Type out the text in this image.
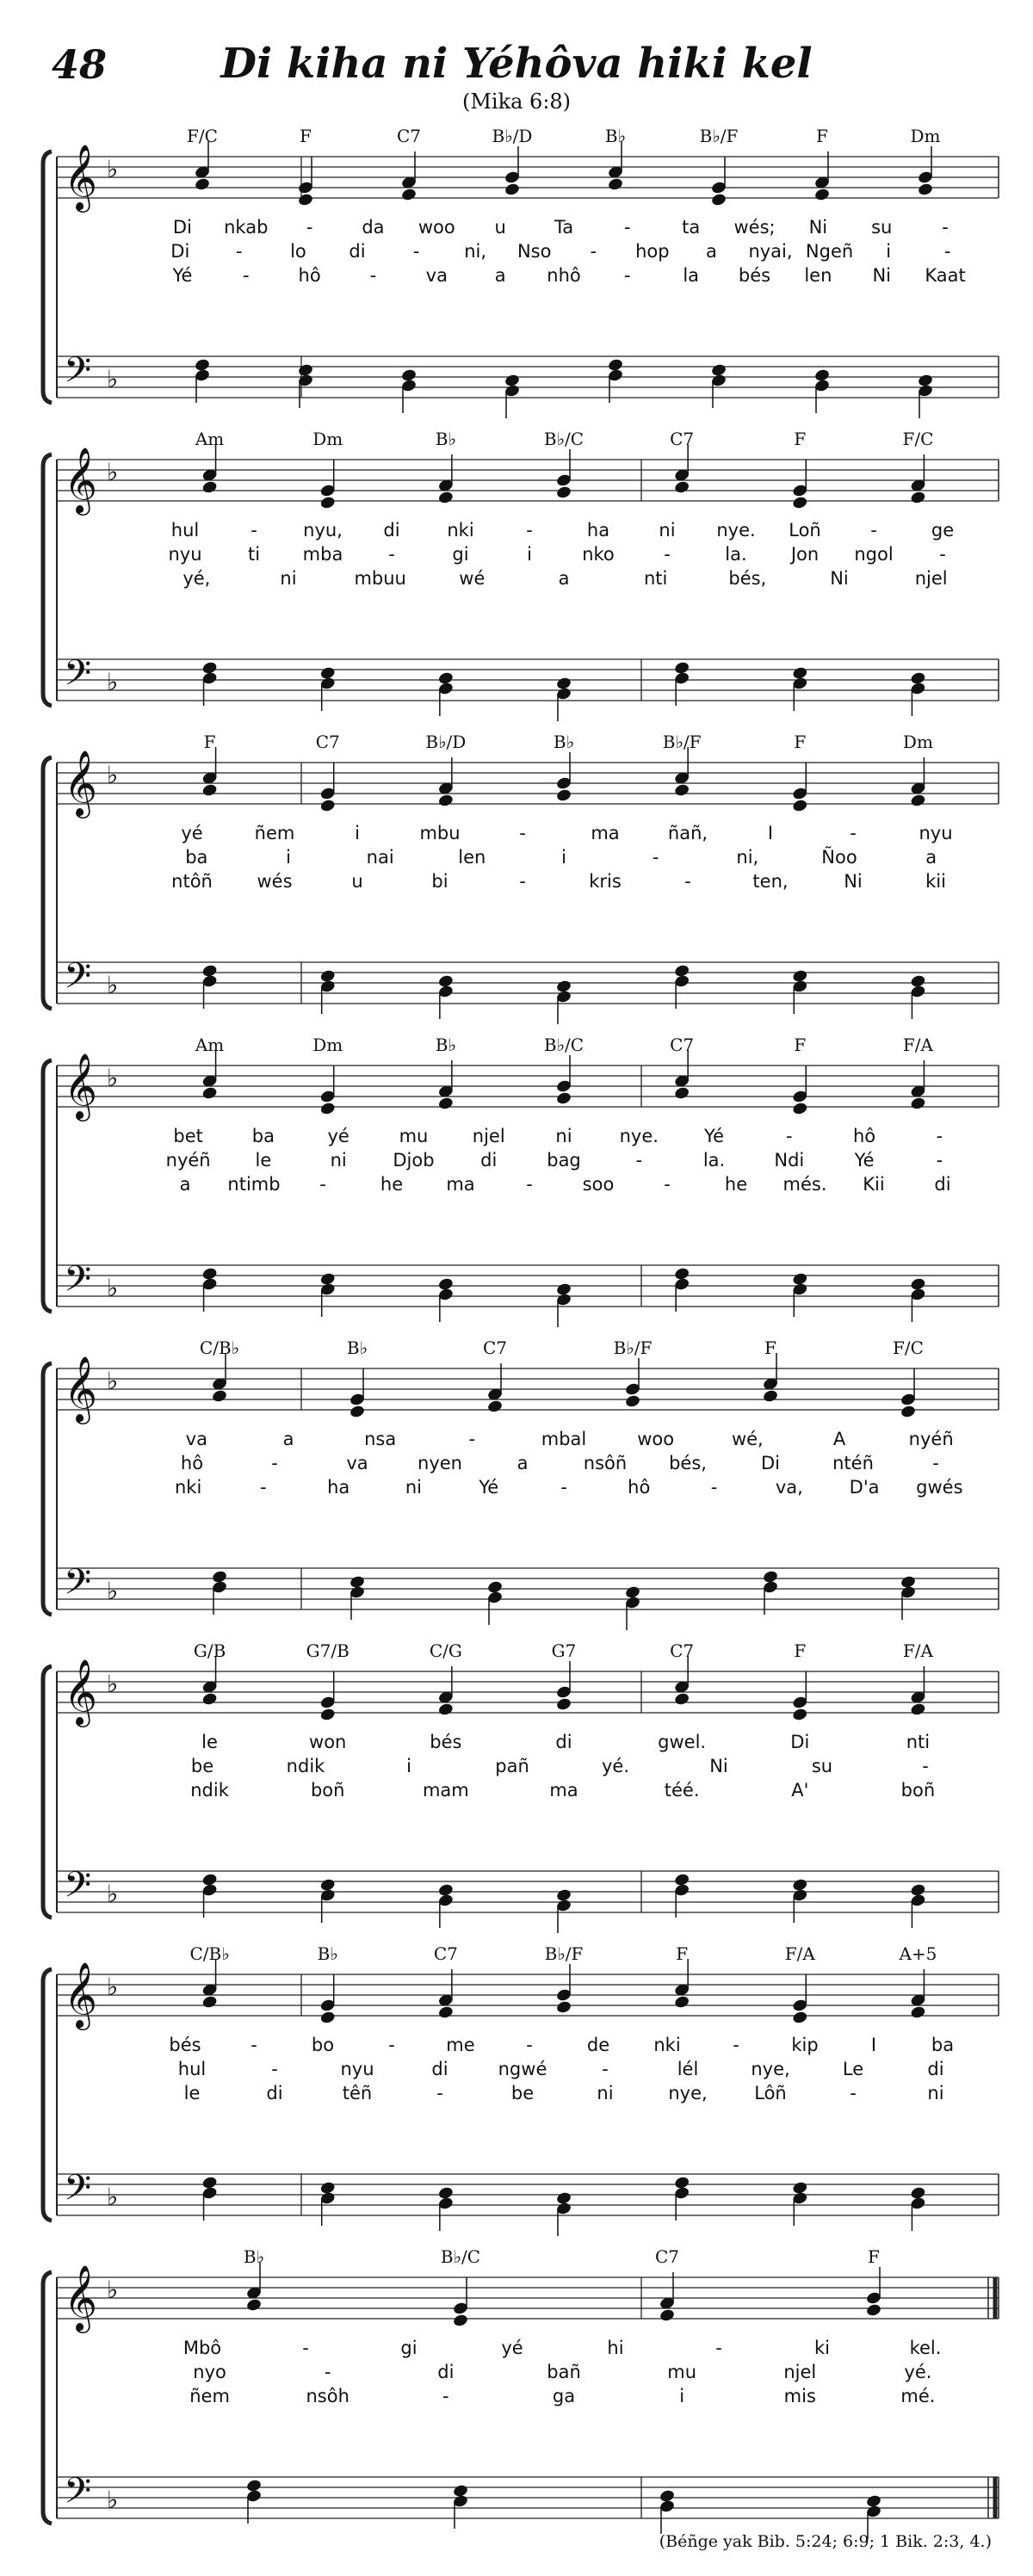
48	Di kiha ni Yéhôva hiki kel
(Mika 6:8)
𝄞
𝄢
♭
♭
F/C	F	C7	B♭/D	B♭	B♭/F	F	Dm
Di nkab -	da woo u	Ta	-	ta wés; Ni su	-
Di	-	lo di	- ni, Nso - hop a nyai, Ngeñ i	-
Yé	-	hô	-	va	a nhô -	la bés len Ni Kaat
𝄞
𝄢
♭
♭
Am	Dm	B♭	B♭/C	C7	F	F/C
hul	-	nyu, di	nki	-	ha	ni nye. Loñ	-	ge
nyu	ti mba	-	gi	i	nko	-	la. Jon ngol	-
yé,	ni	mbuu	wé	a	nti	bés,	Ni	njel
𝄞
𝄢
♭
♭
F	C7	B♭/D	B♭	B♭/F	F	Dm
yé	ñem	i	mbu	-	ma	ñañ,	I	-	nyu
ba	i	nai	len	i	-	ni,	Ñoo	a
ntôñ wés	u	bi	-	kris	-	ten,	Ni	kii
𝄞
𝄢
♭
♭
Am	Dm	B♭	B♭/C	C7	F	F/A
bet	ba	yé	mu njel	ni	nye.	Yé	-	hô	-
nyéñ le	ni	Djob	di	bag	-	la.	Ndi	Yé	-
a ntimb -	he ma	-	soo	-	he més. Kii	di
𝄞
𝄢
♭
♭
C/B♭	B♭	C7	B♭/F	F	F/C
va	a	nsa	-	mbal	woo	wé,	A	nyéñ
hô	-	va	nyen	a	nsôñ bés,	Di	ntéñ	-
nki	-	ha	ni	Yé	-	hô	-	va,	D'a gwés
𝄞
𝄢
♭
♭
G/B	G7/B	C/G	G7	C7	F	F/A
le	won	bés	di	gwel.	Di	nti
be	ndik	i	pañ	yé.	Ni	su	-
ndik	boñ	mam	ma	téé.	A'	boñ
𝄞
𝄢
♭
♭
C/B♭	B♭	C7	B♭/F	F	F/A	A+5
bés	-	bo	-	me	-	de nki	-	kip	I	ba
hul	-	nyu	di	ngwé	-	lél	nye,	Le	di
le	di	têñ	-	be	ni	nye,	Lôñ	-	ni
𝄞
𝄢
♭
♭
B♭	B♭/C	C7	F
Mbô	-	gi	yé	hi	-	ki	kel.
nyo	-	di	bañ	mu	njel	yé.
ñem	nsôh	-	ga	i	mis	mé.
(Béñge yak Bib. 5:24; 6:9; 1 Bik. 2:3, 4.)
